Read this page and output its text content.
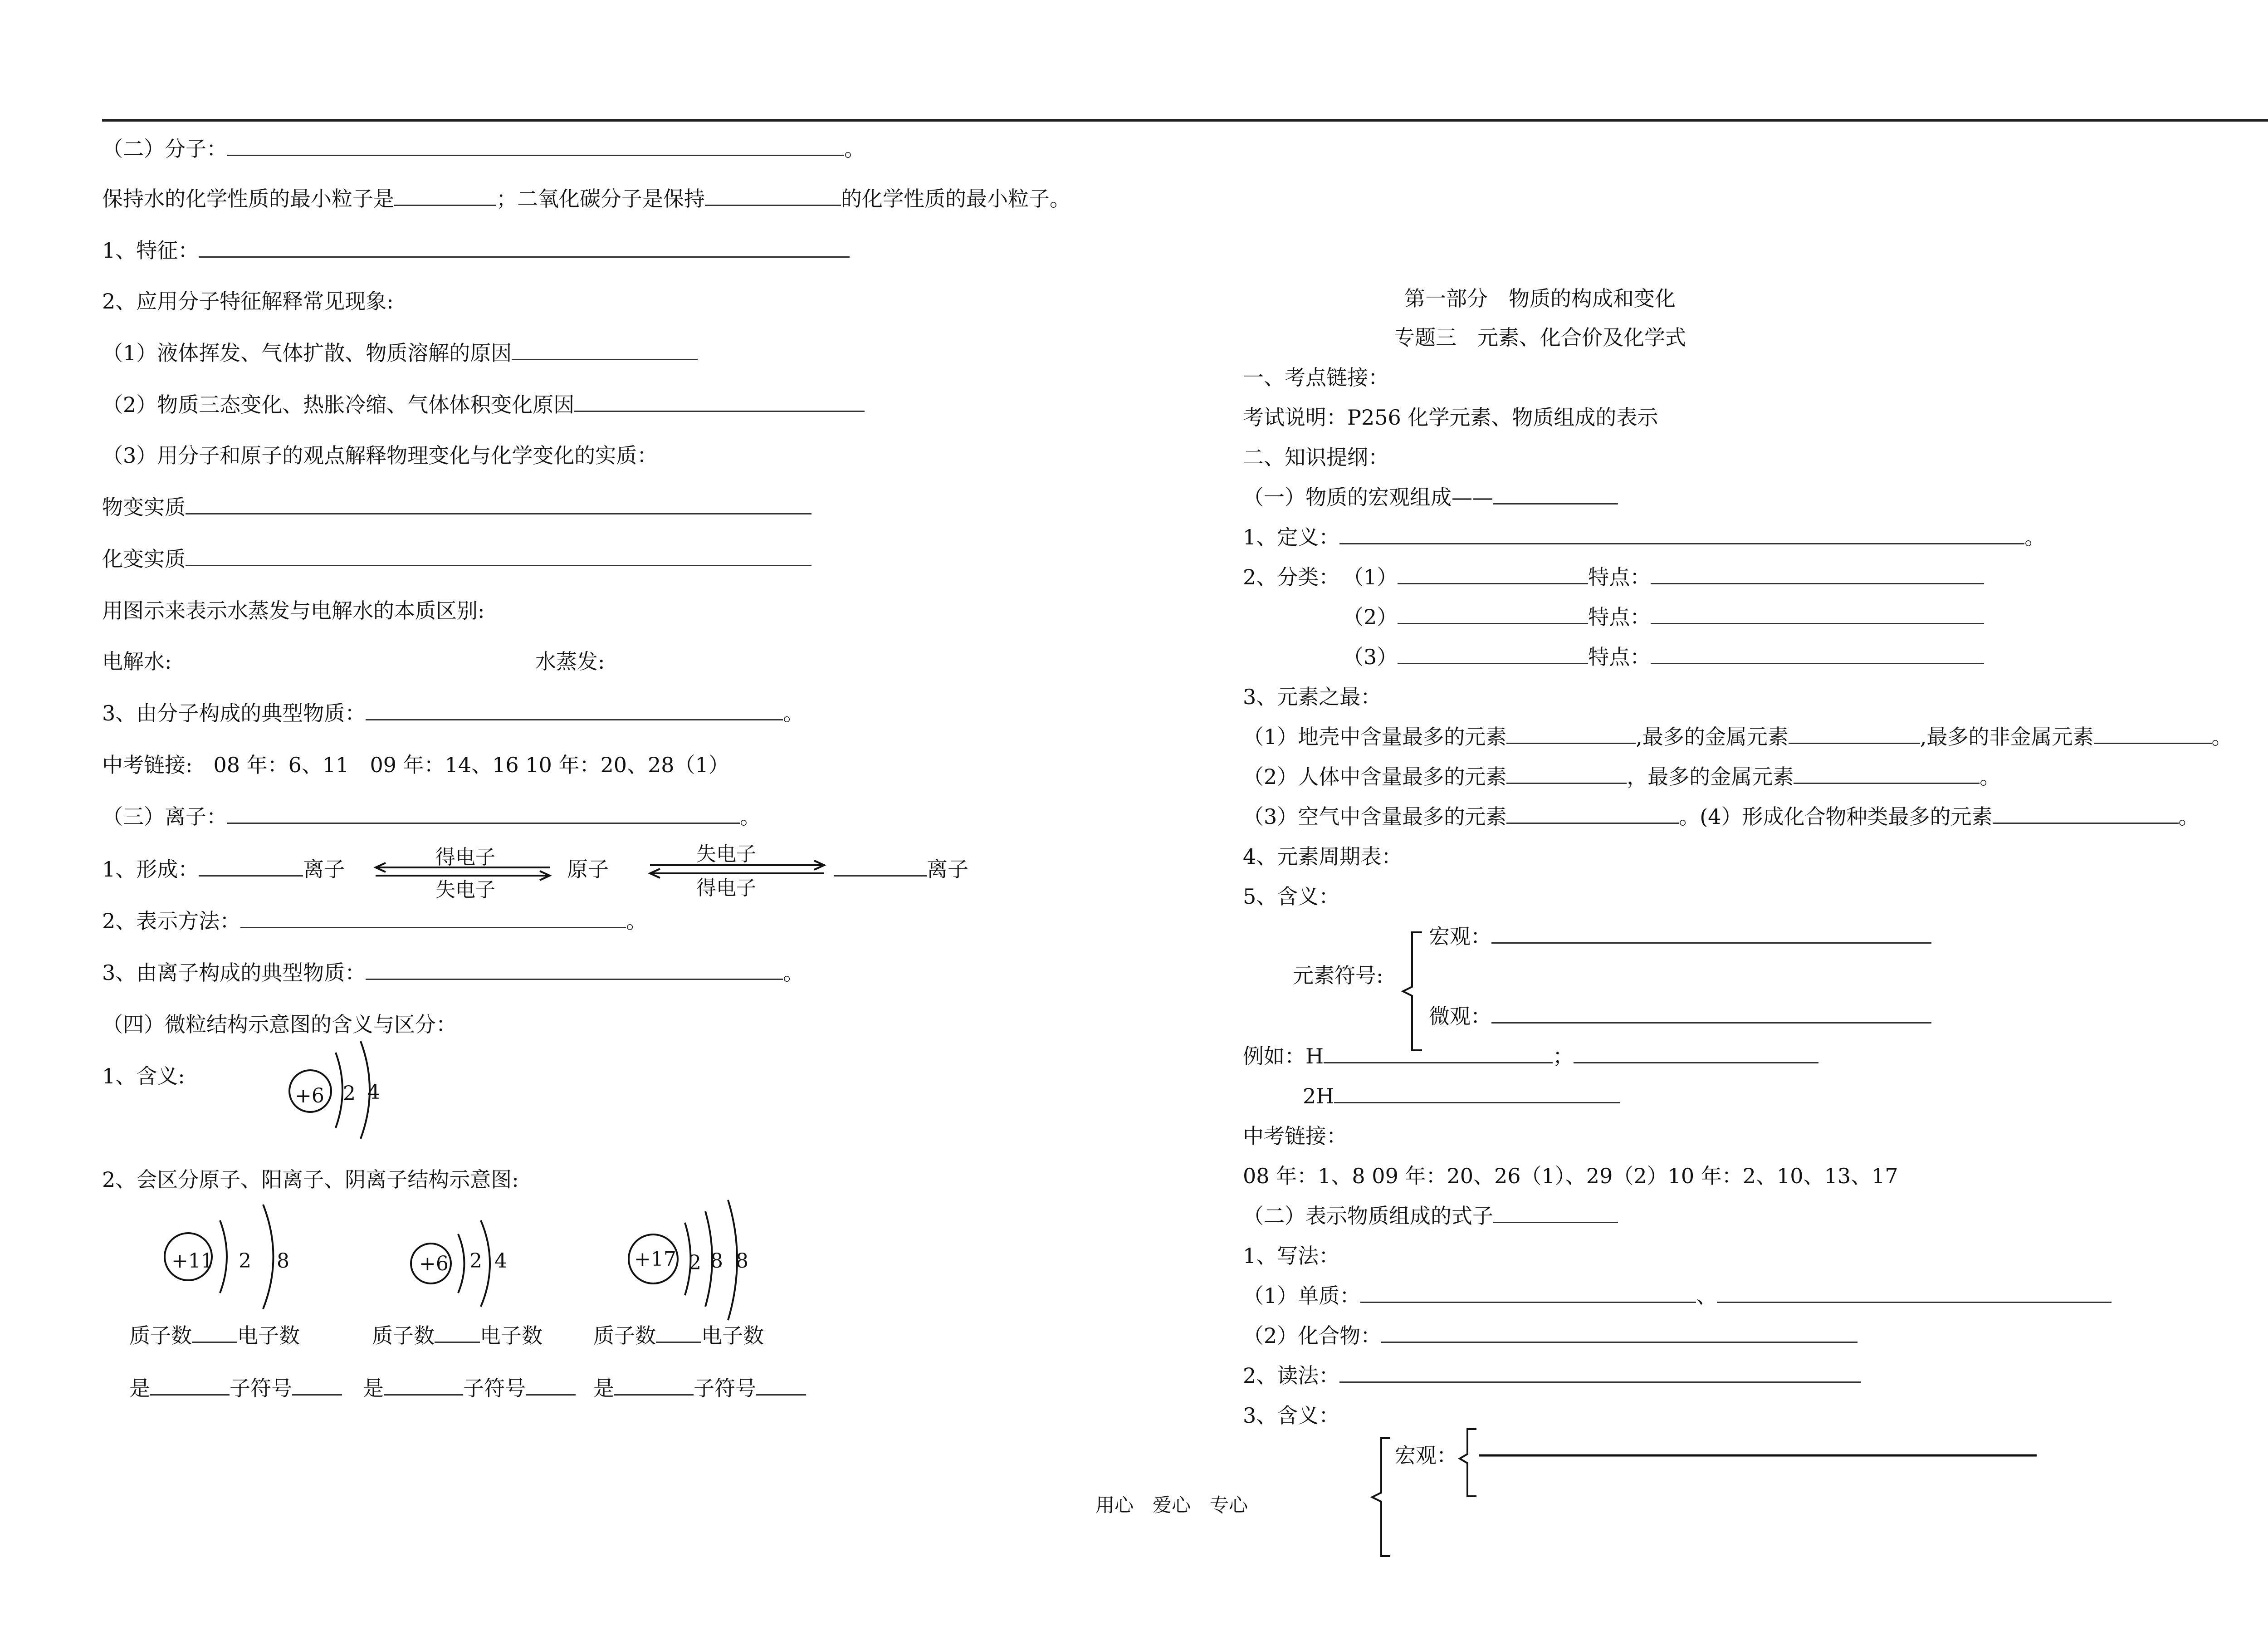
（二）分子：	。
保持水的化学性质的最小粒子是	；二氧化碳分子是保持	的化学性质的最小粒子。
1、特征：
2、应用分子特征解释常见现象:
（1）液体挥发、气体扩散、物质溶解的原因
（2）物质三态变化、热胀冷缩、气体体积变化原因
（3）用分子和原子的观点解释物理变化与化学变化的实质：
物变实质
化变实质
用图示来表示水蒸发与电解水的本质区别:
电解水:	水蒸发:
3、由分子构成的典型物质：	。
中考链接:　08 年：6、11　09 年：14、16 10 年：20、28（1）
（三）离子：	。
1、形成：	离子	得电子
失电子
原子
失电子
得电子
离子
2、表示方法：	。
3、由离子构成的典型物质：	。
（四）微粒结构示意图的含义与区分：
1、含义:
+6 2 4
2、会区分原子、阳离子、阴离子结构示意图:
+11 2 8	+6 2 4	+17 2 8 8
质子数 电子数	质子数 电子数 质子数 电子数
是	子符号	是	子符号	是	子符号
第一部分　物质的构成和变化
专题三　元素、化合价及化学式
一、考点链接：
考试说明：P256 化学元素、物质组成的表示
二、知识提纲：
（一）物质的宏观组成——
1、定义：	。
2、分类： （1）	特点：
（2）	特点：
（3）	特点：
3、元素之最：
（1）地壳中含量最多的元素	,最多的金属元素	,最多的非金属元素	。
（2）人体中含量最多的元素	，最多的金属元素	。
（3）空气中含量最多的元素	。(4）形成化合物种类最多的元素	。
4、元素周期表：
5、含义：
元素符号:
宏观：
微观：
例如：H	；
2H
中考链接：
08 年：1、8 09 年：20、26（1）、29（2）10 年：2、10、13、17
（二）表示物质组成的式子
1、写法：
（1）单质：	、
（2）化合物：
2、读法：
3、含义：
宏观：
用心　爱心　专心
